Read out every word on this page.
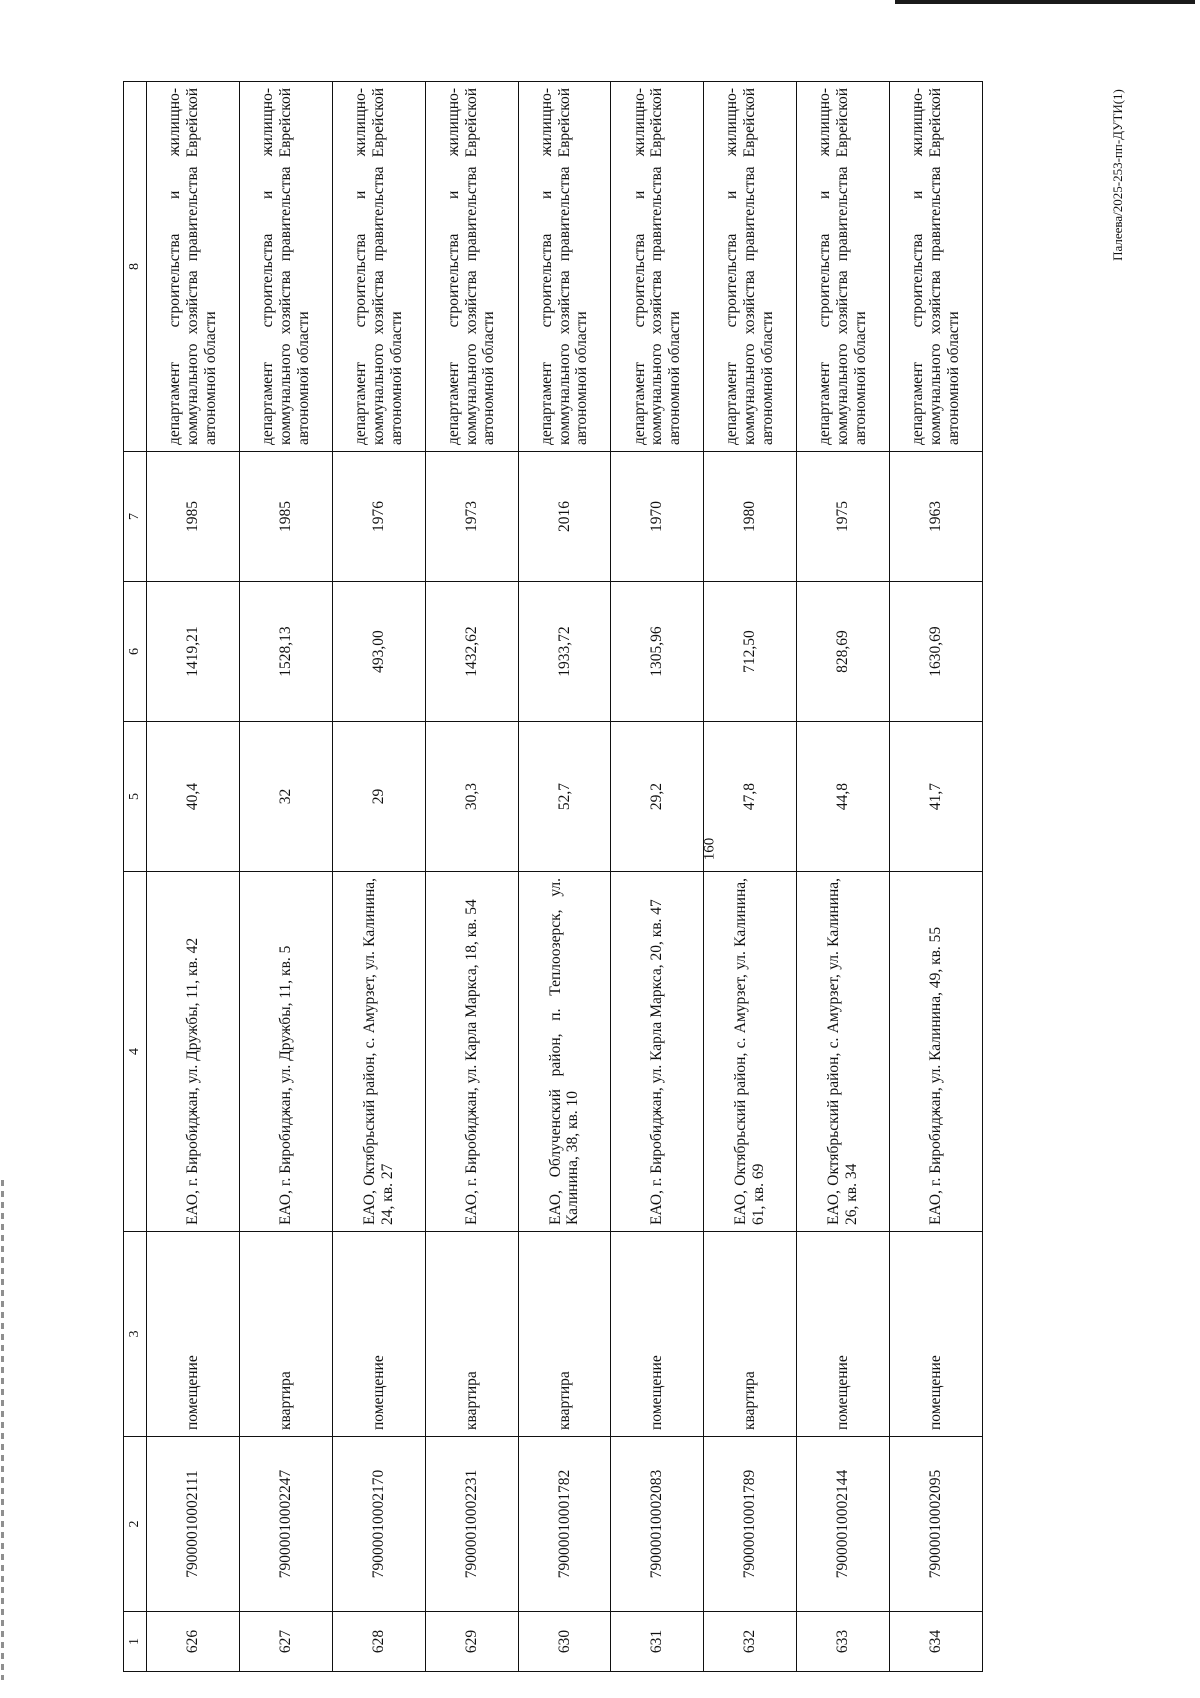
160
Палеева/2025-253-пп-ДУТИ(1)
1	2	3	4	5	6	7	8
626	79000010002111	помещение	ЕАО, г. Биробиджан, ул. Дружбы, 11, кв. 42	40,4	1419,21	1985	департамент строительства и жилищно-коммунального хозяйства правительства Еврейской автономной области
627	79000010002247	квартира	ЕАО, г. Биробиджан, ул. Дружбы, 11, кв. 5	32	1528,13	1985	департамент строительства и жилищно-коммунального хозяйства правительства Еврейской автономной области
628	79000010002170	помещение	ЕАО, Октябрьский район, с. Амурзет, ул. Калинина, 24, кв. 27	29	493,00	1976	департамент строительства и жилищно-коммунального хозяйства правительства Еврейской автономной области
629	79000010002231	квартира	ЕАО, г. Биробиджан, ул. Карла Маркса, 18, кв. 54	30,3	1432,62	1973	департамент строительства и жилищно-коммунального хозяйства правительства Еврейской автономной области
630	79000010001782	квартира	ЕАО, Облученский район, п. Теплоозерск, ул. Калинина, 38, кв. 10	52,7	1933,72	2016	департамент строительства и жилищно-коммунального хозяйства правительства Еврейской автономной области
631	79000010002083	помещение	ЕАО, г. Биробиджан, ул. Карла Маркса, 20, кв. 47	29,2	1305,96	1970	департамент строительства и жилищно-коммунального хозяйства правительства Еврейской автономной области
632	79000010001789	квартира	ЕАО, Октябрьский район, с. Амурзет, ул. Калинина, 61, кв. 69	47,8	712,50	1980	департамент строительства и жилищно-коммунального хозяйства правительства Еврейской автономной области
633	79000010002144	помещение	ЕАО, Октябрьский район, с. Амурзет, ул. Калинина, 26, кв. 34	44,8	828,69	1975	департамент строительства и жилищно-коммунального хозяйства правительства Еврейской автономной области
634	79000010002095	помещение	ЕАО, г. Биробиджан, ул. Калинина, 49, кв. 55	41,7	1630,69	1963	департамент строительства и жилищно-коммунального хозяйства правительства Еврейской автономной области
